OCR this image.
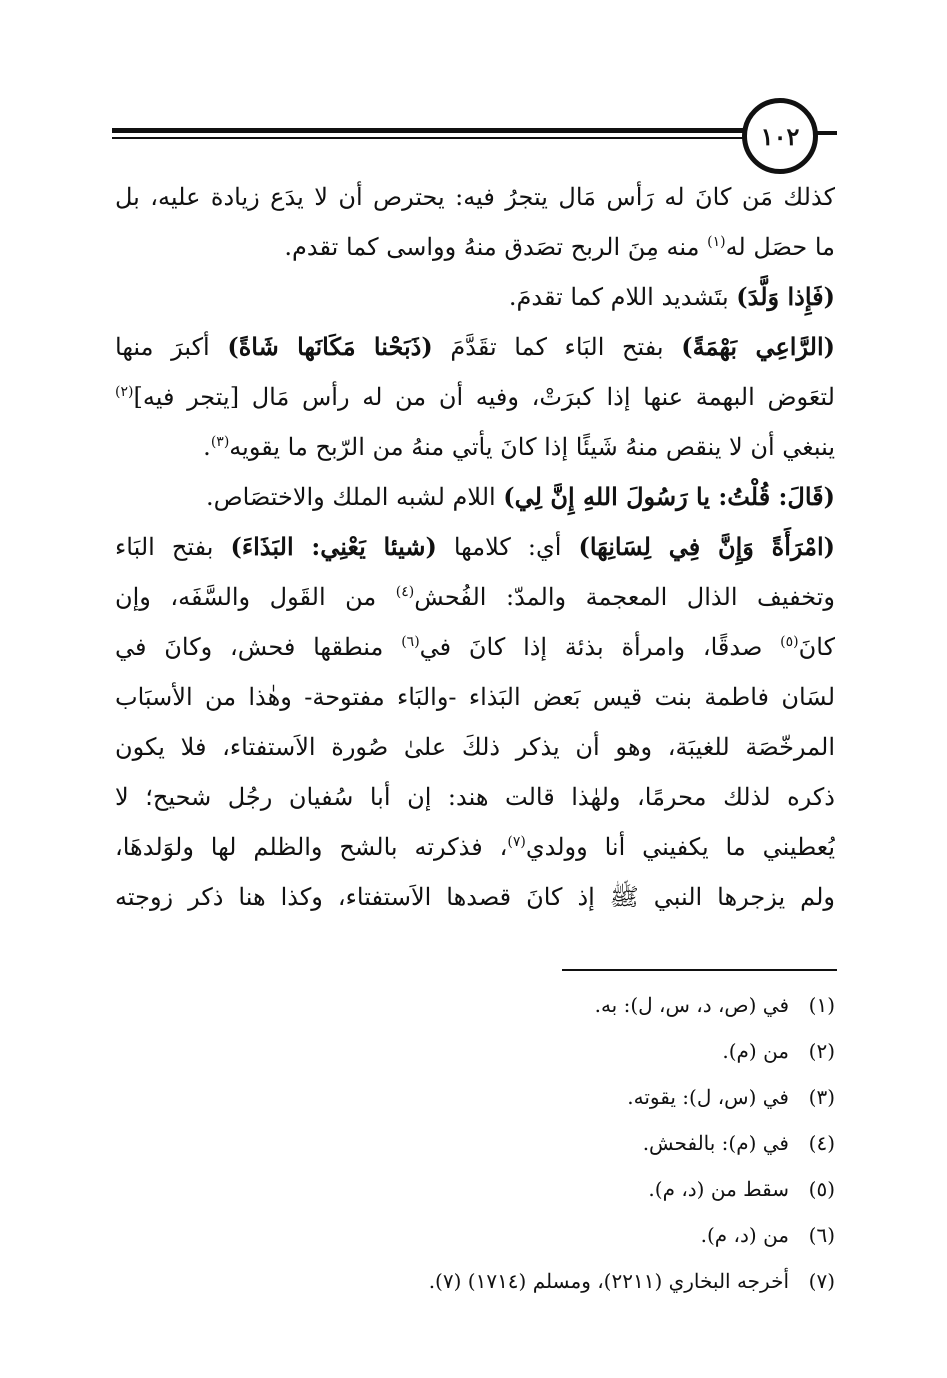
١٠٢
كذلك مَن كانَ له رَأس مَال يتجرُ فيه: يحترص أن لا يدَع زيادة عليه، بل
ما حصَل له$^{(١)}$ منه مِنَ الربح تصَدق منهُ وواسى كما تقدم.
(فَإِذا وَلَّدَ) بتَشديد اللام كما تقدمَ.
(الرَّاعِي بَهْمَةً) بفتح البَاء كما تقَدَّمَ (ذَبَحْنا مَكَانَها شَاةً) أكبرَ منها
لتعَوض البهمة عنها إذا كبرَتْ، وفيه أن من له رأس مَال [يتجر فيه]$^{(٢)}$
ينبغي أن لا ينقص منهُ شَيئًا إذا كانَ يأتي منهُ من الرّبح ما يقويه$^{(٣)}$.
(قَالَ: قُلْتُ: يا رَسُولَ اللهِ إِنَّ لِي) اللام لشبه الملك والاختصَاص.
(امْرَأَةً وَإِنَّ فِي لِسَانِهَا) أي: كلامها (شيئا يَعْنِي: البَذَاءَ) بفتح البَاء
وتخفيف الذال المعجمة والمدّ: الفُحش$^{(٤)}$ من القَول والسَّفَه، وإن
كانَ$^{(٥)}$ صدقًا، وامرأة بذئة إذا كانَ في$^{(٦)}$ منطقها فحش، وكانَ في
لسَان فاطمة بنت قيس بَعض البَذاء -والبَاء مفتوحة- وهٰذا من الأسبَاب
المرخّصَة للغيبَة، وهو أن يذكر ذلكَ علىٰ صُورة الاَستفتاء، فلا يكون
ذكره لذلك محرمًا، ولهٰذا قالت هند: إن أبا سُفيان رجُل شحيح؛ لا
يُعطيني ما يكفيني أنا وولدي$^{(٧)}$، فذكرته بالشح والظلم لها ولوَلدهَا،
ولم يزجرها النبي ﷺ إذ كانَ قصدها الاَستفتاء، وكذا هنا ذكر زوجته
(١)في (ص، د، س، ل): به.
(٢)من (م).
(٣)في (س، ل): يقوته.
(٤)في (م): بالفحش.
(٥)سقط من (د، م).
(٦)من (د، م).
(٧)أخرجه البخاري (٢٢١١)، ومسلم (١٧١٤) (٧).
